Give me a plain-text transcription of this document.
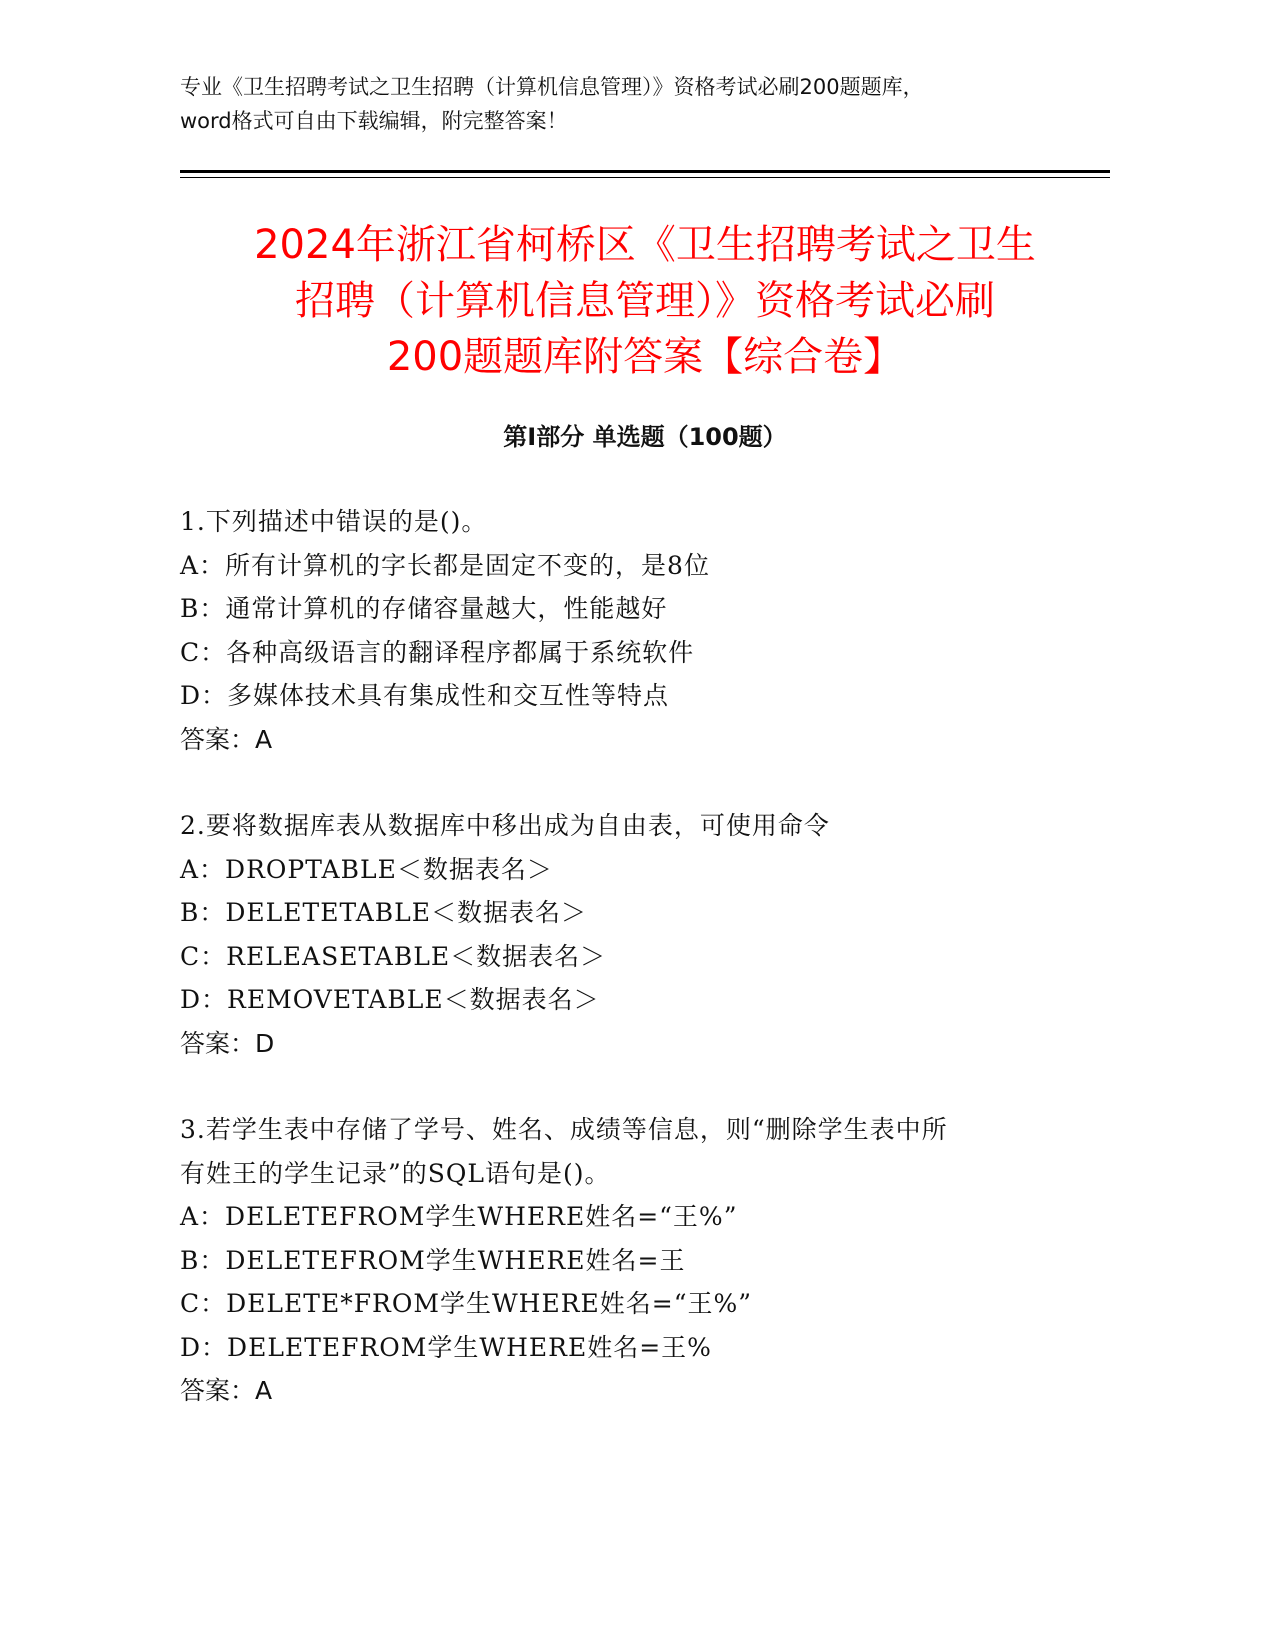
专业《卫生招聘考试之卫生招聘（计算机信息管理）》资格考试必刷200题题库，
word格式可自由下载编辑，附完整答案！
2024年浙江省柯桥区《卫生招聘考试之卫生
招聘（计算机信息管理）》资格考试必刷
200题题库附答案【综合卷】
第Ⅰ部分 单选题（100题）
1.下列描述中错误的是()。
A：所有计算机的字长都是固定不变的，是8位
B：通常计算机的存储容量越大，性能越好
C：各种高级语言的翻译程序都属于系统软件
D：多媒体技术具有集成性和交互性等特点
答案：A
2.要将数据库表从数据库中移出成为自由表，可使用命令
A：DROPTABLE＜数据表名＞
B：DELETETABLE＜数据表名＞
C：RELEASETABLE＜数据表名＞
D：REMOVETABLE＜数据表名＞
答案：D
3.若学生表中存储了学号、姓名、成绩等信息，则“删除学生表中所
有姓王的学生记录”的SQL语句是()。
A：DELETEFROM学生WHERE姓名=“王%”
B：DELETEFROM学生WHERE姓名=王
C：DELETE*FROM学生WHERE姓名=“王%”
D：DELETEFROM学生WHERE姓名=王%
答案：A
